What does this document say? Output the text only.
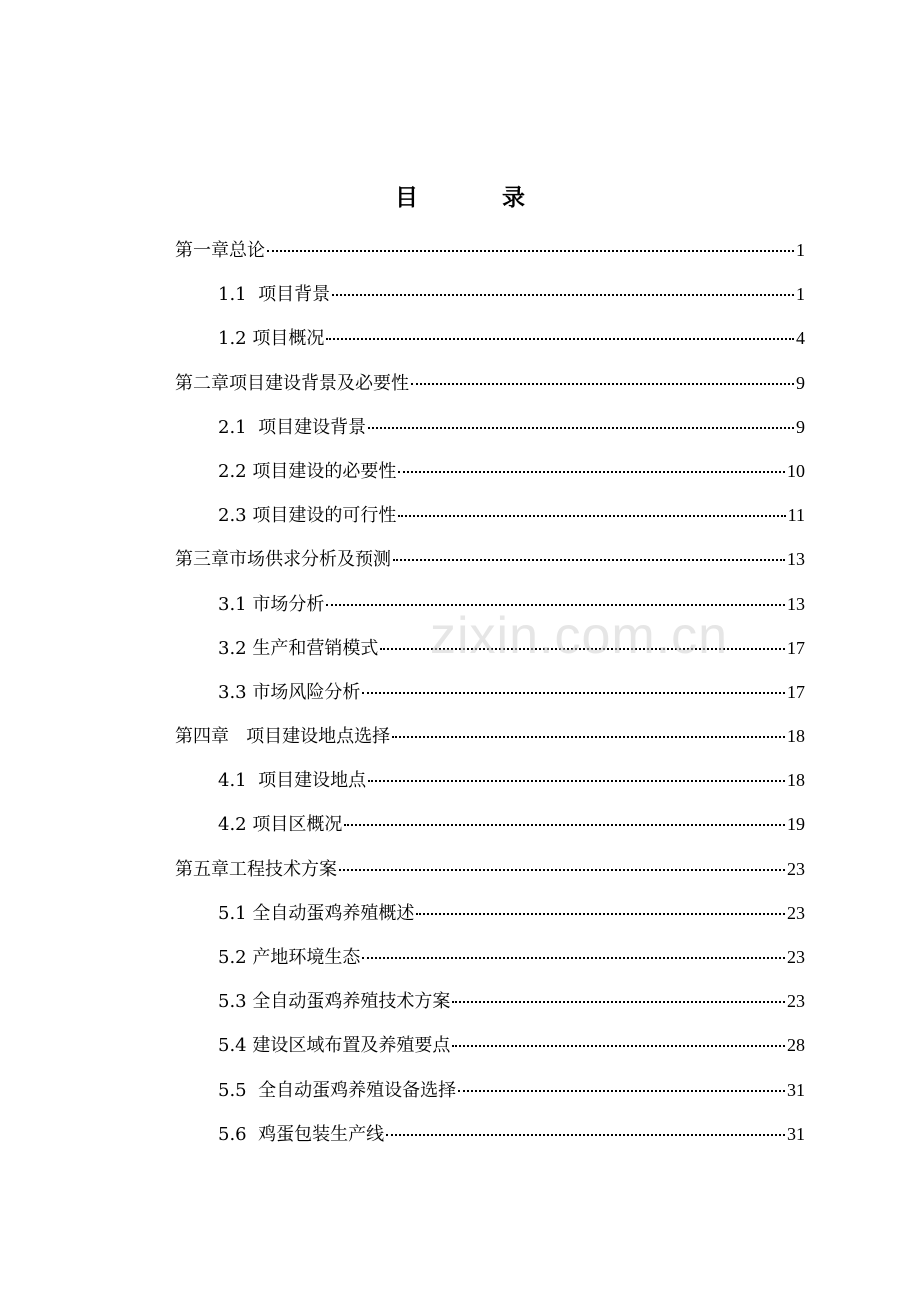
目 录
第一章总论	1
1.1  项目背景	1
1.2 项目概况	4
第二章项目建设背景及必要性	9
2.1  项目建设背景	9
2.2 项目建设的必要性	10
2.3 项目建设的可行性	11
第三章市场供求分析及预测	13
3.1 市场分析	13
3.2 生产和营销模式	17
3.3 市场风险分析	17
第四章   项目建设地点选择	18
4.1  项目建设地点	18
4.2 项目区概况	19
第五章工程技术方案	23
5.1 全自动蛋鸡养殖概述	23
5.2 产地环境生态	23
5.3 全自动蛋鸡养殖技术方案	23
5.4 建设区域布置及养殖要点	28
5.5  全自动蛋鸡养殖设备选择	31
5.6  鸡蛋包装生产线	31
zixin.com.cn
